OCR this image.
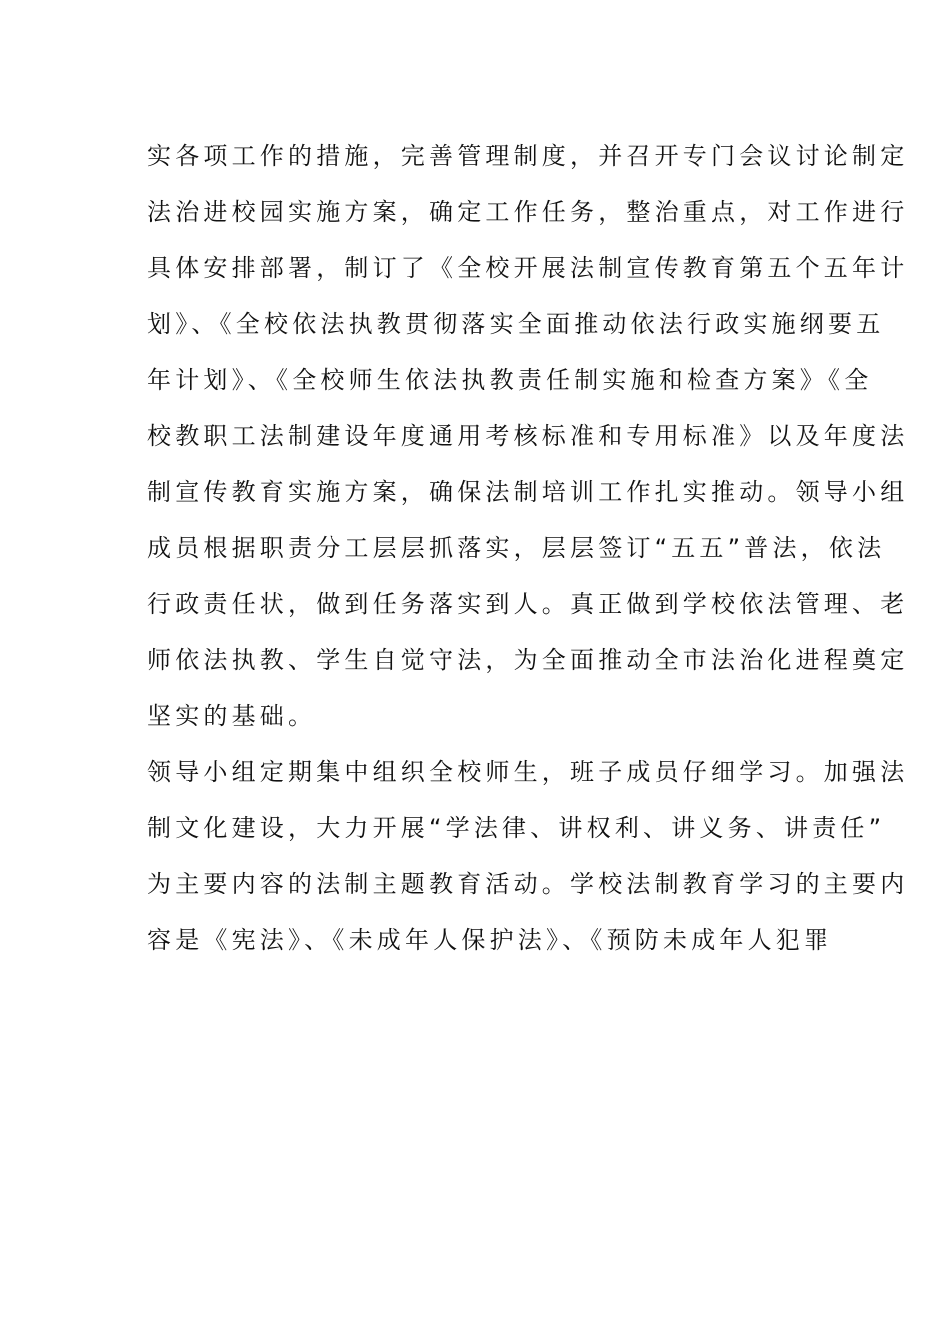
实各项工作的措施，完善管理制度，并召开专门会议讨论制定
法治进校园实施方案，确定工作任务，整治重点，对工作进行
具体安排部署，制订了《全校开展法制宣传教育第五个五年计
划》、《全校依法执教贯彻落实全面推动依法行政实施纲要五
年计划》、《全校师生依法执教责任制实施和检查方案》《全
校教职工法制建设年度通用考核标准和专用标准》以及年度法
制宣传教育实施方案，确保法制培训工作扎实推动。领导小组
成员根据职责分工层层抓落实，层层签订“五五”普法，依法
行政责任状，做到任务落实到人。真正做到学校依法管理、老
师依法执教、学生自觉守法，为全面推动全市法治化进程奠定
坚实的基础。
领导小组定期集中组织全校师生，班子成员仔细学习。加强法
制文化建设，大力开展“学法律、讲权利、讲义务、讲责任”
为主要内容的法制主题教育活动。学校法制教育学习的主要内
容是《宪法》、《未成年人保护法》、《预防未成年人犯罪
